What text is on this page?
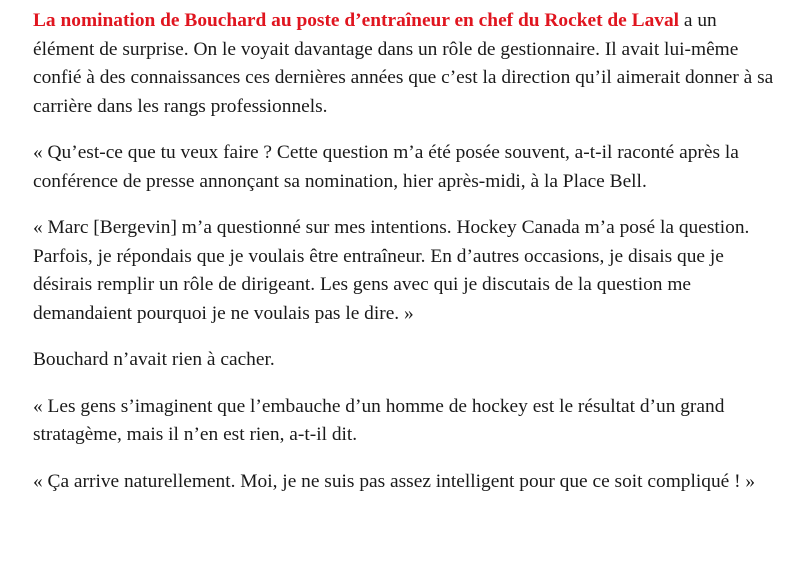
La nomination de Bouchard au poste d’entraîneur en chef du Rocket de Laval a un élément de surprise. On le voyait davantage dans un rôle de gestionnaire. Il avait lui-même confié à des connaissances ces dernières années que c’est la direction qu’il aimerait donner à sa carrière dans les rangs professionnels.

« Qu’est-ce que tu veux faire ? Cette question m’a été posée souvent, a-t-il raconté après la conférence de presse annonçant sa nomination, hier après-midi, à la Place Bell.

« Marc [Bergevin] m’a questionné sur mes intentions. Hockey Canada m’a posé la question. Parfois, je répondais que je voulais être entraîneur. En d’autres occasions, je disais que je désirais remplir un rôle de dirigeant. Les gens avec qui je discutais de la question me demandaient pourquoi je ne voulais pas le dire. »

Bouchard n’avait rien à cacher.

« Les gens s’imaginent que l’embauche d’un homme de hockey est le résultat d’un grand stratagème, mais il n’en est rien, a-t-il dit.

« Ça arrive naturellement. Moi, je ne suis pas assez intelligent pour que ce soit compliqué ! »
